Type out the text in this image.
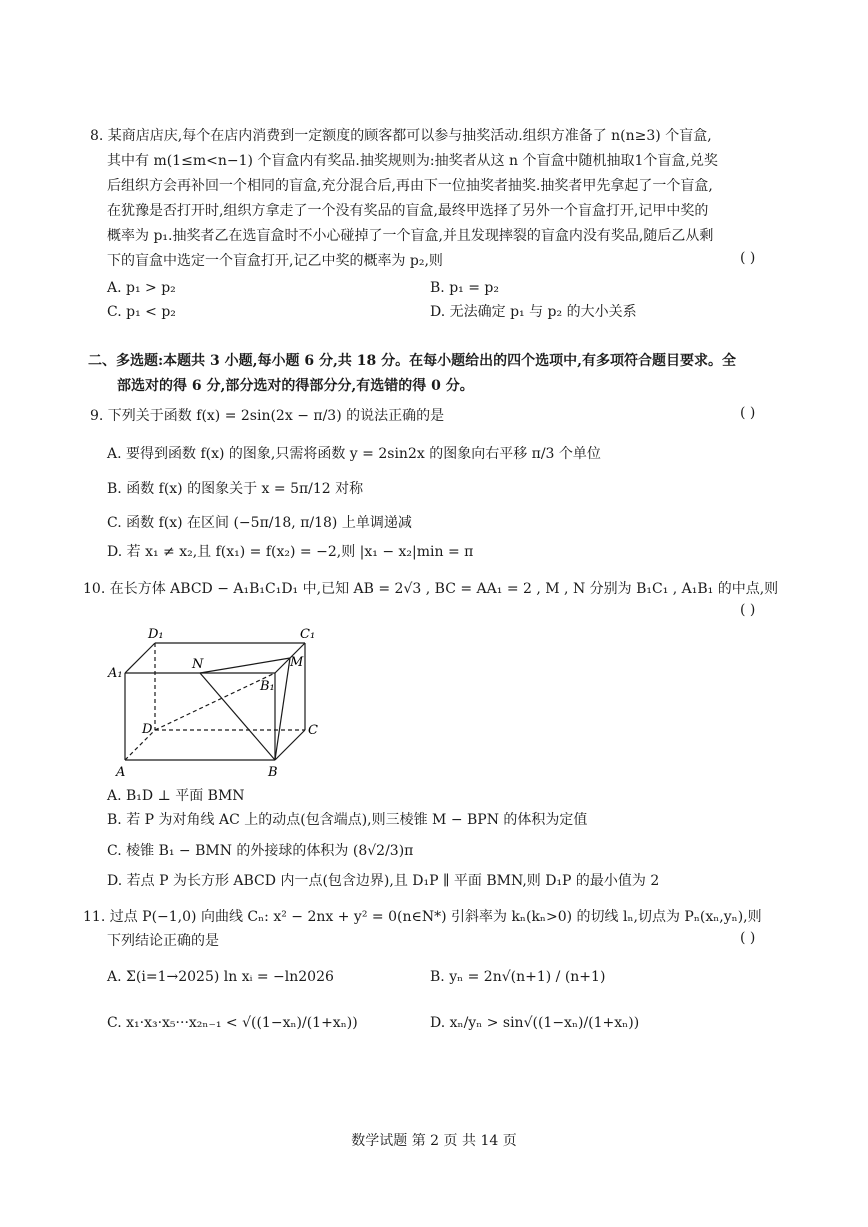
8. 某商店店庆,每个在店内消费到一定额度的顾客都可以参与抽奖活动.组织方准备了 n(n≥3) 个盲盒,
其中有 m(1≤m<n−1) 个盲盒内有奖品.抽奖规则为:抽奖者从这 n 个盲盒中随机抽取1个盲盒,兑奖
后组织方会再补回一个相同的盲盒,充分混合后,再由下一位抽奖者抽奖.抽奖者甲先拿起了一个盲盒,
在犹豫是否打开时,组织方拿走了一个没有奖品的盲盒,最终甲选择了另外一个盲盒打开,记甲中奖的
概率为 p₁.抽奖者乙在选盲盒时不小心碰掉了一个盲盒,并且发现摔裂的盲盒内没有奖品,随后乙从剩
下的盲盒中选定一个盲盒打开,记乙中奖的概率为 p₂,则	( )
A. p₁ > p₂	B. p₁ = p₂
C. p₁ < p₂	D. 无法确定 p₁ 与 p₂ 的大小关系
二、多选题:本题共 3 小题,每小题 6 分,共 18 分。在每小题给出的四个选项中,有多项符合题目要求。全
部选对的得 6 分,部分选对的得部分分,有选错的得 0 分。
9. 下列关于函数 f(x) = 2sin(2x − π/3) 的说法正确的是	( )
A. 要得到函数 f(x) 的图象,只需将函数 y = 2sin2x 的图象向右平移 π/3 个单位
B. 函数 f(x) 的图象关于 x = 5π/12 对称
C. 函数 f(x) 在区间 (−5π/18, π/18) 上单调递减
D. 若 x₁ ≠ x₂,且 f(x₁) = f(x₂) = −2,则 |x₁ − x₂|min = π
10. 在长方体 ABCD − A₁B₁C₁D₁ 中,已知 AB = 2√3 , BC = AA₁ = 2 , M , N 分别为 B₁C₁ , A₁B₁ 的中点,则
( )
D₁	C₁
A₁
N	M
B₁
D	C
A	B
A. B₁D ⊥ 平面 BMN
B. 若 P 为对角线 AC 上的动点(包含端点),则三棱锥 M − BPN 的体积为定值
C. 棱锥 B₁ − BMN 的外接球的体积为 (8√2/3)π
D. 若点 P 为长方形 ABCD 内一点(包含边界),且 D₁P ∥ 平面 BMN,则 D₁P 的最小值为 2
11. 过点 P(−1,0) 向曲线 Cₙ: x² − 2nx + y² = 0(n∈N*) 引斜率为 kₙ(kₙ>0) 的切线 lₙ,切点为 Pₙ(xₙ,yₙ),则
下列结论正确的是	( )
A. Σ(i=1→2025) ln xᵢ = −ln2026	B. yₙ = 2n√(n+1) / (n+1)
C. x₁·x₃·x₅···x₂ₙ₋₁ < √((1−xₙ)/(1+xₙ))	D. xₙ/yₙ > sin√((1−xₙ)/(1+xₙ))
数学试题 第 2 页 共 14 页
